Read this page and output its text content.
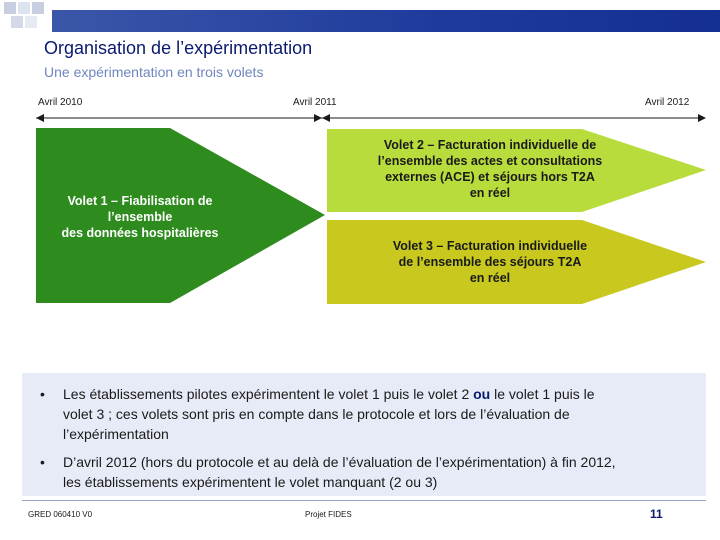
Organisation de l’expérimentation
Une expérimentation en trois volets
Avril 2010	Avril 2011	Avril 2012
Volet 1 – Fiabilisation de
l’ensemble
des données hospitalières
Volet 2 – Facturation individuelle de
l’ensemble des actes et consultations
externes (ACE) et séjours hors T2A
en réel
Volet 3 – Facturation individuelle
de l’ensemble des séjours T2A
en réel
• Les établissements pilotes expérimentent le volet 1 puis le volet 2 ou le volet 1 puis le
volet 3 ; ces volets sont pris en compte dans le protocole et lors de l’évaluation de
l’expérimentation
• D’avril 2012 (hors du protocole et au delà de l’évaluation de l’expérimentation) à fin 2012,
les établissements expérimentent le volet manquant (2 ou 3)
GRED 060410 V0	Projet FIDES	11
